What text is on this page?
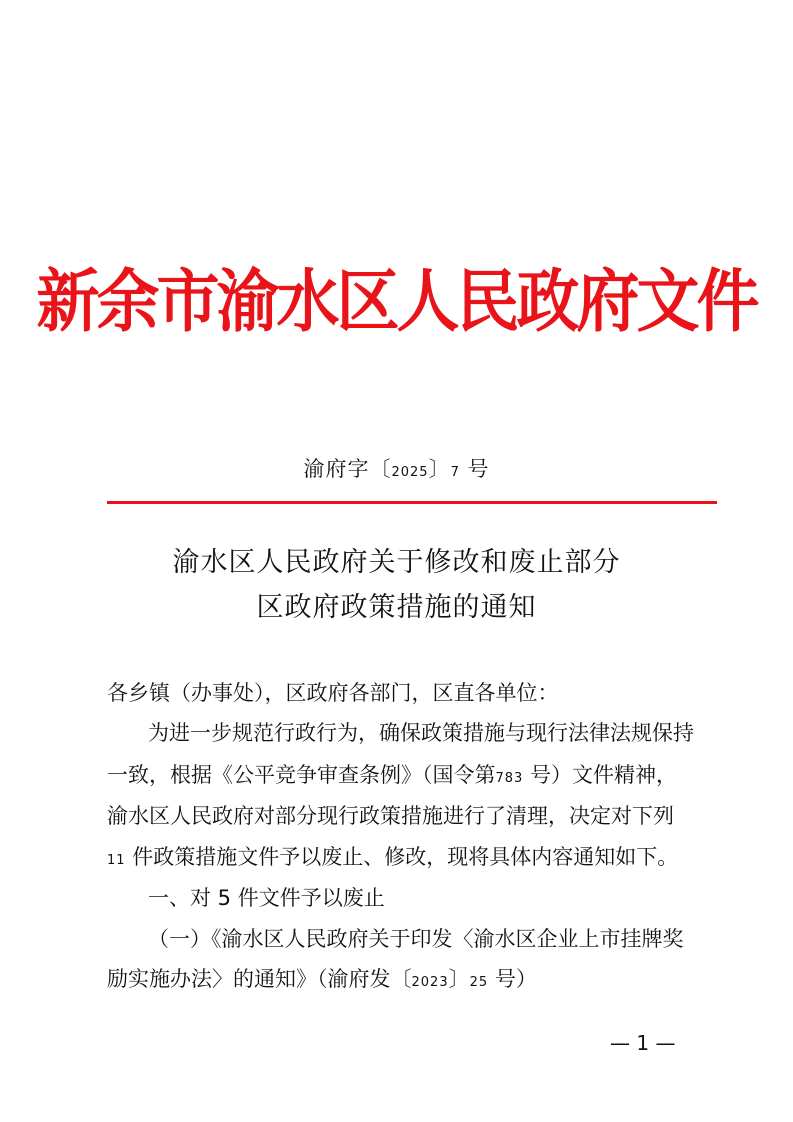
新余市渝水区人民政府文件
渝府字〔2025〕7 号
渝水区人民政府关于修改和废止部分
区政府政策措施的通知
各乡镇（办事处），区政府各部门，区直各单位：
为进一步规范行政行为，确保政策措施与现行法律法规保持
一致，根据《公平竞争审查条例》（国令第783 号）文件精神，
渝水区人民政府对部分现行政策措施进行了清理，决定对下列
11 件政策措施文件予以废止、修改，现将具体内容通知如下。
一、对 5 件文件予以废止
（一）《渝水区人民政府关于印发〈渝水区企业上市挂牌奖
励实施办法〉的通知》（渝府发〔2023〕25 号）
— 1 —
